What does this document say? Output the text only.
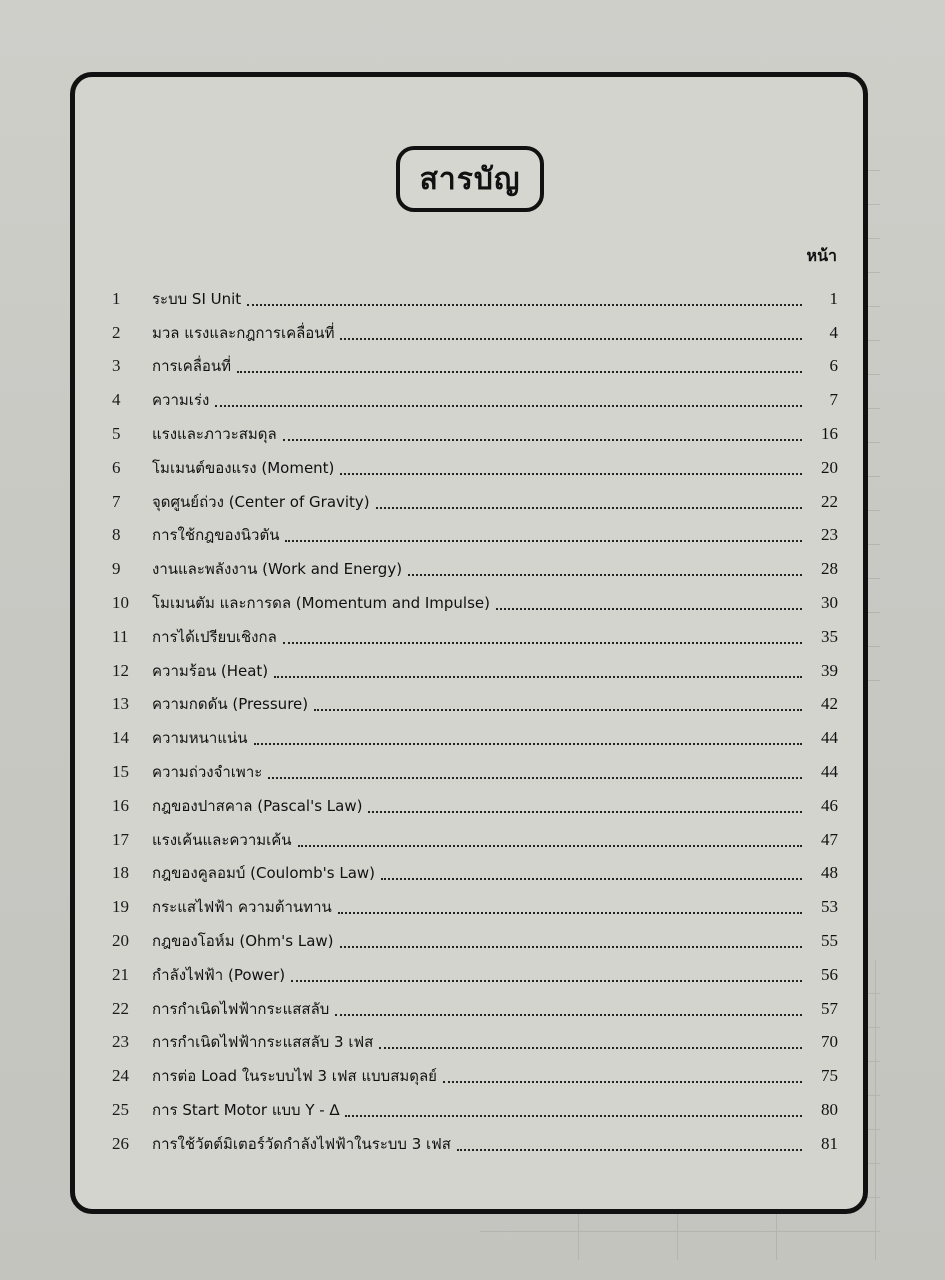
สารบัญ
หน้า
1	ระบบ SI Unit	1
2	มวล แรงและกฎการเคลื่อนที่	4
3	การเคลื่อนที่	6
4	ความเร่ง	7
5	แรงและภาวะสมดุล	16
6	โมเมนต์ของแรง (Moment)	20
7	จุดศูนย์ถ่วง (Center of Gravity)	22
8	การใช้กฎของนิวตัน	23
9	งานและพลังงาน (Work and Energy)	28
10	โมเมนตัม และการดล (Momentum and Impulse)	30
11	การได้เปรียบเชิงกล	35
12	ความร้อน (Heat)	39
13	ความกดดัน (Pressure)	42
14	ความหนาแน่น	44
15	ความถ่วงจำเพาะ	44
16	กฎของปาสคาล (Pascal's Law)	46
17	แรงเค้นและความเค้น	47
18	กฎของคูลอมบ์ (Coulomb's Law)	48
19	กระแสไฟฟ้า ความต้านทาน	53
20	กฎของโอห์ม (Ohm's Law)	55
21	กำลังไฟฟ้า (Power)	56
22	การกำเนิดไฟฟ้ากระแสสลับ	57
23	การกำเนิดไฟฟ้ากระแสสลับ 3 เฟส	70
24	การต่อ Load ในระบบไฟ 3 เฟส แบบสมดุลย์	75
25	การ Start Motor แบบ Y - ∆	80
26	การใช้วัตต์มิเตอร์วัดกำลังไฟฟ้าในระบบ 3 เฟส	81
